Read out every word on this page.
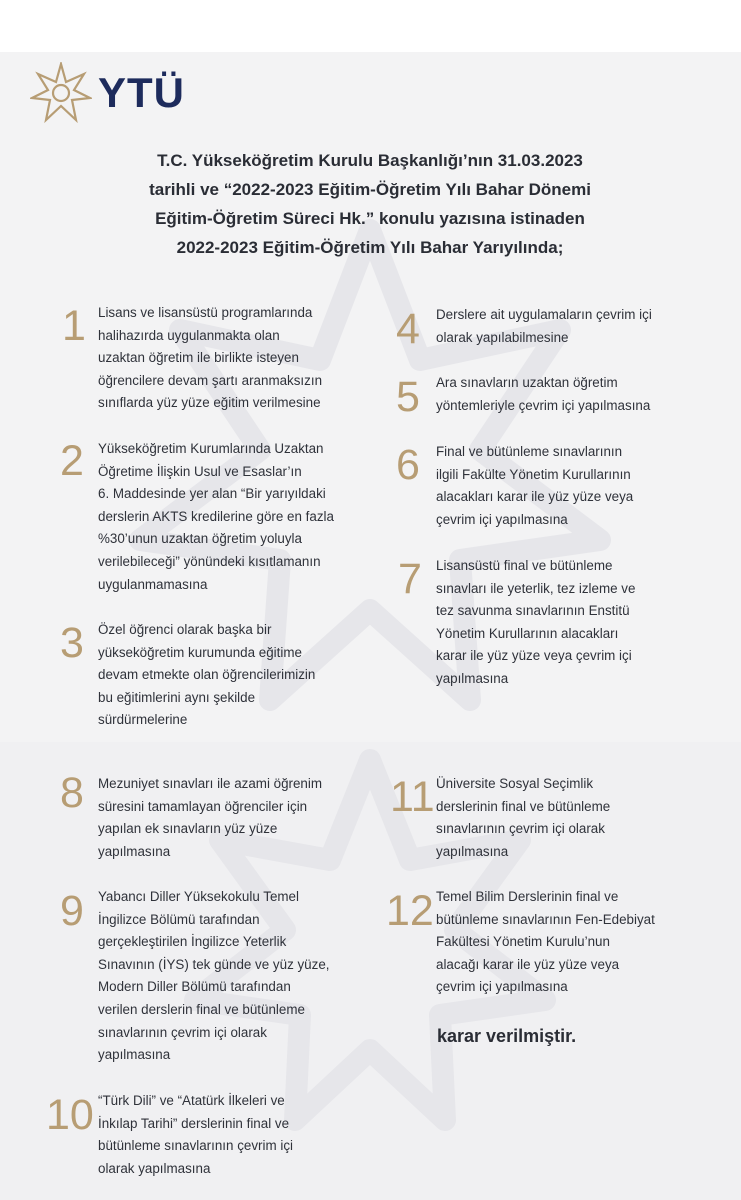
YTÜ
T.C. Yükseköğretim Kurulu Başkanlığı’nın 31.03.2023
tarihli ve “2022-2023 Eğitim-Öğretim Yılı Bahar Dönemi
Eğitim-Öğretim Süreci Hk.” konulu yazısına istinaden
2022-2023 Eğitim-Öğretim Yılı Bahar Yarıyılında;
1 Lisans ve lisansüstü programlarında
halihazırda uygulanmakta olan
uzaktan öğretim ile birlikte isteyen
öğrencilere devam şartı aranmaksızın
sınıflarda yüz yüze eğitim verilmesine
2 Yükseköğretim Kurumlarında Uzaktan
Öğretime İlişkin Usul ve Esaslar’ın
6. Maddesinde yer alan “Bir yarıyıldaki
derslerin AKTS kredilerine göre en fazla
%30’unun uzaktan öğretim yoluyla
verilebileceği” yönündeki kısıtlamanın
uygulanmamasına
3 Özel öğrenci olarak başka bir
yükseköğretim kurumunda eğitime
devam etmekte olan öğrencilerimizin
bu eğitimlerini aynı şekilde
sürdürmelerine
4 Derslere ait uygulamaların çevrim içi
olarak yapılabilmesine
5 Ara sınavların uzaktan öğretim
yöntemleriyle çevrim içi yapılmasına
6 Final ve bütünleme sınavlarının
ilgili Fakülte Yönetim Kurullarının
alacakları karar ile yüz yüze veya
çevrim içi yapılmasına
7 Lisansüstü final ve bütünleme
sınavları ile yeterlik, tez izleme ve
tez savunma sınavlarının Enstitü
Yönetim Kurullarının alacakları
karar ile yüz yüze veya çevrim içi
yapılmasına
8 Mezuniyet sınavları ile azami öğrenim
süresini tamamlayan öğrenciler için
yapılan ek sınavların yüz yüze
yapılmasına
9 Yabancı Diller Yüksekokulu Temel
İngilizce Bölümü tarafından
gerçekleştirilen İngilizce Yeterlik
Sınavının (İYS) tek günde ve yüz yüze,
Modern Diller Bölümü tarafından
verilen derslerin final ve bütünleme
sınavlarının çevrim içi olarak
yapılmasına
10 “Türk Dili” ve “Atatürk İlkeleri ve
İnkılap Tarihi” derslerinin final ve
bütünleme sınavlarının çevrim içi
olarak yapılmasına
11 Üniversite Sosyal Seçimlik
derslerinin final ve bütünleme
sınavlarının çevrim içi olarak
yapılmasına
12 Temel Bilim Derslerinin final ve
bütünleme sınavlarının Fen-Edebiyat
Fakültesi Yönetim Kurulu’nun
alacağı karar ile yüz yüze veya
çevrim içi yapılmasına
karar verilmiştir.
